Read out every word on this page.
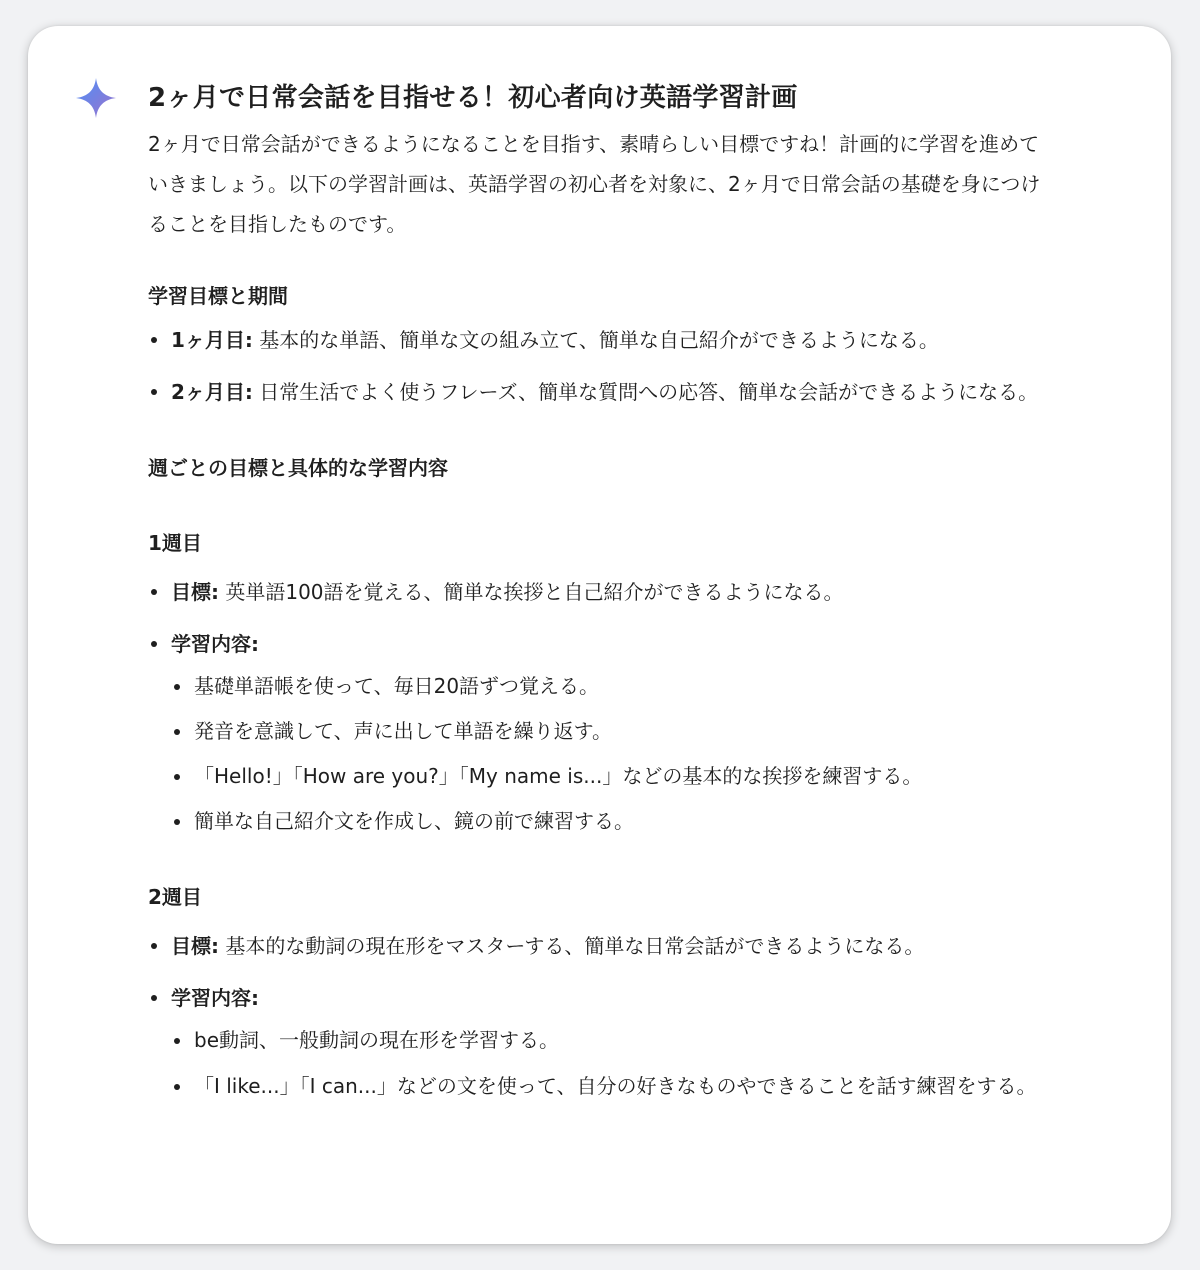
2ヶ月で日常会話を目指せる！初心者向け英語学習計画

2ヶ月で日常会話ができるようになることを目指す、素晴らしい目標ですね！計画的に学習を進めていきましょう。以下の学習計画は、英語学習の初心者を対象に、2ヶ月で日常会話の基礎を身につけることを目指したものです。

学習目標と期間
1ヶ月目: 基本的な単語、簡単な文の組み立て、簡単な自己紹介ができるようになる。
2ヶ月目: 日常生活でよく使うフレーズ、簡単な質問への応答、簡単な会話ができるようになる。
週ごとの目標と具体的な学習内容
1週目
目標: 英単語100語を覚える、簡単な挨拶と自己紹介ができるようになる。
学習内容:
基礎単語帳を使って、毎日20語ずつ覚える。
発音を意識して、声に出して単語を繰り返す。
「Hello!」「How are you?」「My name is...」などの基本的な挨拶を練習する。
簡単な自己紹介文を作成し、鏡の前で練習する。
2週目
目標: 基本的な動詞の現在形をマスターする、簡単な日常会話ができるようになる。
学習内容:
be動詞、一般動詞の現在形を学習する。
「I like...」「I can...」などの文を使って、自分の好きなものやできることを話す練習をする。
